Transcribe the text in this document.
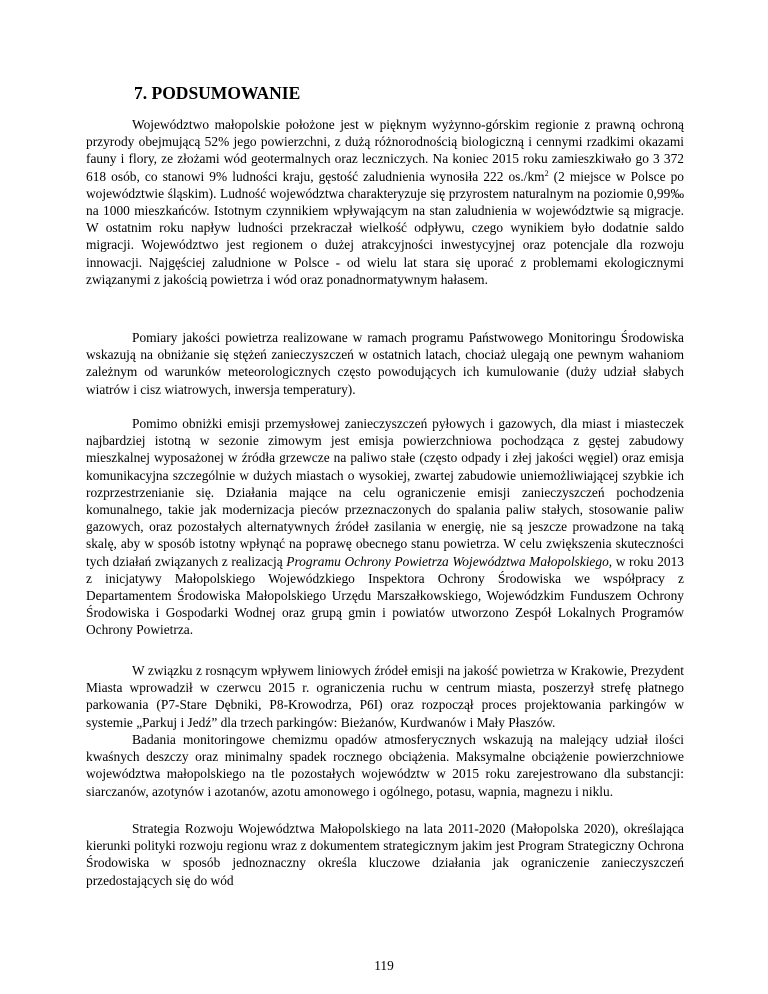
7. PODSUMOWANIE

Województwo małopolskie położone jest w pięknym wyżynno-górskim regionie z prawną ochroną przyrody obejmującą 52% jego powierzchni, z dużą różnorodnością biologiczną i cennymi rzadkimi okazami fauny i flory, ze złożami wód geotermalnych oraz leczniczych. Na koniec 2015 roku zamieszkiwało go 3 372 618 osób, co stanowi 9% ludności kraju, gęstość zaludnienia wynosiła 222 $os./km^2$ (2 miejsce w Polsce po województwie śląskim). Ludność województwa charakteryzuje się przyrostem naturalnym na poziomie 0,99‰ na 1000 mieszkańców. Istotnym czynnikiem wpływającym na stan zaludnienia w województwie są migracje. W ostatnim roku napływ ludności przekraczał wielkość odpływu, czego wynikiem było dodatnie saldo migracji. Województwo jest regionem o dużej atrakcyjności inwestycyjnej oraz potencjale dla rozwoju innowacji. Najgęściej zaludnione w Polsce - od wielu lat stara się uporać z problemami ekologicznymi związanymi z jakością powietrza i wód oraz ponadnormatywnym hałasem.

Pomiary jakości powietrza realizowane w ramach programu Państwowego Monitoringu Środowiska wskazują na obniżanie się stężeń zanieczyszczeń w ostatnich latach, chociaż ulegają one pewnym wahaniom zależnym od warunków meteorologicznych często powodujących ich kumulowanie (duży udział słabych wiatrów i cisz wiatrowych, inwersja temperatury).

Pomimo obniżki emisji przemysłowej zanieczyszczeń pyłowych i gazowych, dla miast i miasteczek najbardziej istotną w sezonie zimowym jest emisja powierzchniowa pochodząca z gęstej zabudowy mieszkalnej wyposażonej w źródła grzewcze na paliwo stałe (często odpady i złej jakości węgiel) oraz emisja komunikacyjna szczególnie w dużych miastach o wysokiej, zwartej zabudowie uniemożliwiającej szybkie ich rozprzestrzenianie się. Działania mające na celu ograniczenie emisji zanieczyszczeń pochodzenia komunalnego, takie jak modernizacja pieców przeznaczonych do spalania paliw stałych, stosowanie paliw gazowych, oraz pozostałych alternatywnych źródeł zasilania w energię, nie są jeszcze prowadzone na taką skalę, aby w sposób istotny wpłynąć na poprawę obecnego stanu powietrza. W celu zwiększenia skuteczności tych działań związanych z realizacją Programu Ochrony Powietrza Województwa Małopolskiego, w roku 2013 z inicjatywy Małopolskiego Wojewódzkiego Inspektora Ochrony Środowiska we współpracy z Departamentem Środowiska Małopolskiego Urzędu Marszałkowskiego, Wojewódzkim Funduszem Ochrony Środowiska i Gospodarki Wodnej oraz grupą gmin i powiatów utworzono Zespół Lokalnych Programów Ochrony Powietrza.

W związku z rosnącym wpływem liniowych źródeł emisji na jakość powietrza w Krakowie, Prezydent Miasta wprowadził w czerwcu 2015 r. ograniczenia ruchu w centrum miasta, poszerzył strefę płatnego parkowania (P7-Stare Dębniki, P8-Krowodrza, P6I) oraz rozpoczął proces projektowania parkingów w systemie „Parkuj i Jedź” dla trzech parkingów: Bieżanów, Kurdwanów i Mały Płaszów.

Badania monitoringowe chemizmu opadów atmosferycznych wskazują na malejący udział ilości kwaśnych deszczy oraz minimalny spadek rocznego obciążenia. Maksymalne obciążenie powierzchniowe województwa małopolskiego na tle pozostałych województw w 2015 roku zarejestrowano dla substancji: siarczanów, azotynów i azotanów, azotu amonowego i ogólnego, potasu, wapnia, magnezu i niklu.

Strategia Rozwoju Województwa Małopolskiego na lata 2011-2020 (Małopolska 2020), określająca kierunki polityki rozwoju regionu wraz z dokumentem strategicznym jakim jest Program Strategiczny Ochrona Środowiska w sposób jednoznaczny określa kluczowe działania jak ograniczenie zanieczyszczeń przedostających się do wód

119
